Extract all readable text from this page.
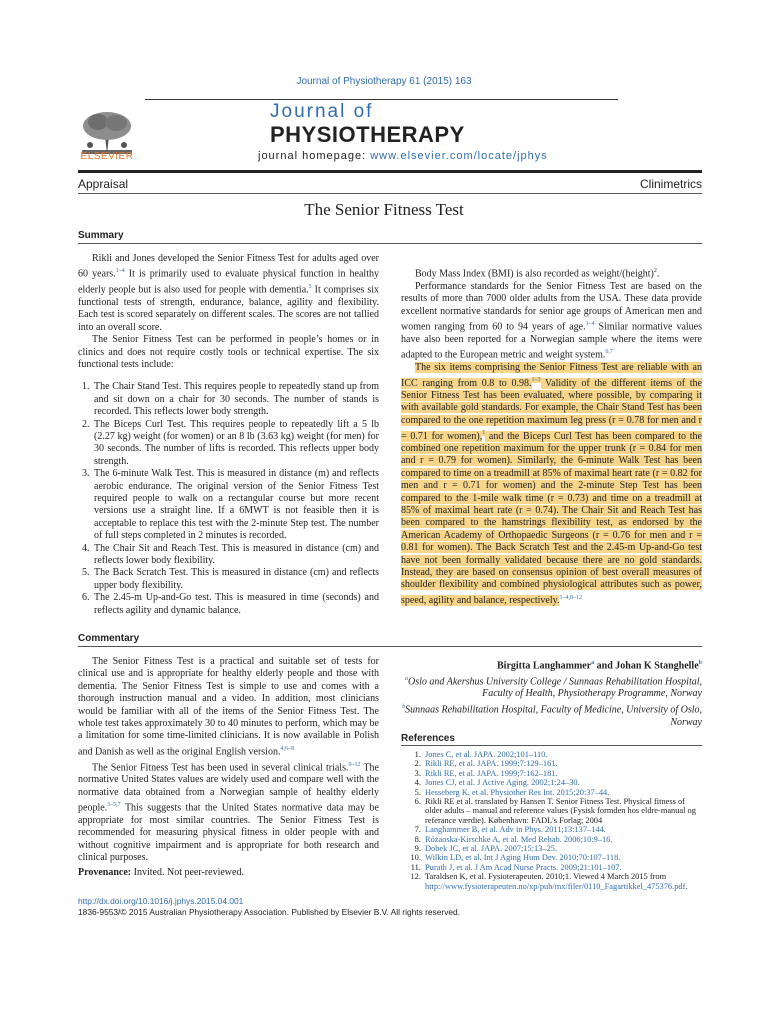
Journal of Physiotherapy 61 (2015) 163
ELSEVIER
Journal of
PHYSIOTHERAPY
journal homepage: www.elsevier.com/locate/jphys
Appraisal	Clinimetrics
The Senior Fitness Test
Summary

Rikli and Jones developed the Senior Fitness Test for adults aged over 60 years.$^{1-4}$ It is primarily used to evaluate physical function in healthy elderly people but is also used for people with dementia.$^5$ It comprises six functional tests of strength, endurance, balance, agility and flexibility. Each test is scored separately on different scales. The scores are not tallied into an overall score.

The Senior Fitness Test can be performed in people’s homes or in clinics and does not require costly tools or technical expertise. The six functional tests include:

1. The Chair Stand Test. This requires people to repeatedly stand up from and sit down on a chair for 30 seconds. The number of stands is recorded. This reflects lower body strength.
2. The Biceps Curl Test. This requires people to repeatedly lift a 5 lb (2.27 kg) weight (for women) or an 8 lb (3.63 kg) weight (for men) for 30 seconds. The number of lifts is recorded. This reflects upper body strength.
3. The 6-minute Walk Test. This is measured in distance (m) and reflects aerobic endurance. The original version of the Senior Fitness Test required people to walk on a rectangular course but more recent versions use a straight line. If a 6MWT is not feasible then it is acceptable to replace this test with the 2-minute Step test. The number of full steps completed in 2 minutes is recorded.
4. The Chair Sit and Reach Test. This is measured in distance (cm) and reflects lower body flexibility.
5. The Back Scratch Test. This is measured in distance (cm) and reflects upper body flexibility.
6. The 2.45-m Up-and-Go test. This is measured in time (seconds) and reflects agility and dynamic balance.

Body Mass Index (BMI) is also recorded as weight/(height)$^2$.

Performance standards for the Senior Fitness Test are based on the results of more than 7000 older adults from the USA. These data provide excellent normative standards for senior age groups of American men and women ranging from 60 to 94 years of age.$^{1-4}$ Similar normative values have also been reported for a Norwegian sample where the items were adapted to the European metric and weight system.$^{6,7}$

The six items comprising the Senior Fitness Test are reliable with an ICC ranging from 0.8 to 0.98.$^{1-3}$ Validity of the different items of the Senior Fitness Test has been evaluated, where possible, by comparing it with available gold standards. For example, the Chair Stand Test has been compared to the one repetition maximum leg press (r = 0.78 for men and r = 0.71 for women),$^1$ and the Biceps Curl Test has been compared to the combined one repetition maximum for the upper trunk (r = 0.84 for men and r = 0.79 for women). Similarly, the 6-minute Walk Test has been compared to time on a treadmill at 85% of maximal heart rate (r = 0.82 for men and r = 0.71 for women) and the 2-minute Step Test has been compared to the 1-mile walk time (r = 0.73) and time on a treadmill at 85% of maximal heart rate (r = 0.74). The Chair Sit and Reach Test has been compared to the hamstrings flexibility test, as endorsed by the American Academy of Orthopaedic Surgeons (r = 0.76 for men and r = 0.81 for women). The Back Scratch Test and the 2.45-m Up-and-Go test have not been formally validated because there are no gold standards. Instead, they are based on consensus opinion of best overall measures of shoulder flexibility and combined physiological attributes such as power, speed, agility and balance, respectively.$^{1-4,8-12}$

Commentary

The Senior Fitness Test is a practical and suitable set of tests for clinical use and is appropriate for healthy elderly people and those with dementia. The Senior Fitness Test is simple to use and comes with a thorough instruction manual and a video. In addition, most clinicians would be familiar with all of the items of the Senior Fitness Test. The whole test takes approximately 30 to 40 minutes to perform, which may be a limitation for some time-limited clinicians. It is now available in Polish and Danish as well as the original English version.$^{4,6-8}$

The Senior Fitness Test has been used in several clinical trials.$^{9-12}$ The normative United States values are widely used and compare well with the normative data obtained from a Norwegian sample of healthy elderly people.$^{3-5,7}$ This suggests that the United States normative data may be appropriate for most similar countries. The Senior Fitness Test is recommended for measuring physical fitness in older people with and without cognitive impairment and is appropriate for both research and clinical purposes.

Provenance: Invited. Not peer-reviewed.
Birgitta Langhammer$^a$ and Johan K Stanghelle$^b$
$^a$Oslo and Akershus University College / Sunnaas Rehabilitation Hospital, Faculty of Health, Physiotherapy Programme, Norway
$^b$Sunnaas Rehabilitation Hospital, Faculty of Medicine, University of Oslo, Norway
References
1. Jones C, et al. JAPA. 2002;101–110.
2. Rikli RE, et al. JAPA. 1999;7:129–161.
3. Rikli RE, et al. JAPA. 1999;7:162–181.
4. Jones CJ, et al. J Active Aging. 2002;1:24–30.
5. Hesseberg K, et al. Physiother Res Int. 2015;20:37–44.
6. Rikli RE et al. translated by Hansen T. Senior Fitness Test. Physical fitness of older adults – manual and reference values (Fysisk formden hos eldre-manual og referance værdie). København: FADL's Forlag; 2004
7. Langhammer B, et al. Adv in Phys. 2011;13:137–144.
8. Różaoska-Kirschke A, et al. Med Rehab. 2006;10:9–16.
9. Dobek JC, et al. JAPA. 2007;15:13–25.
10. Wilkin LD, et al. Int J Aging Hum Dev. 2010;70:107–118.
11. Purath J, et al. J Am Acad Nurse Practs. 2009;21:101–107.
12. Taraldsen K, et al. Fysioterapeuten. 2010;1. Viewed 4 March 2015 from http://www.fysioterapeuten.no/xp/pub/mx/filer/0110_Fagartikkel_475376.pdf.
http://dx.doi.org/10.1016/j.jphys.2015.04.001
1836-9553/© 2015 Australian Physiotherapy Association. Published by Elsevier B.V. All rights reserved.
